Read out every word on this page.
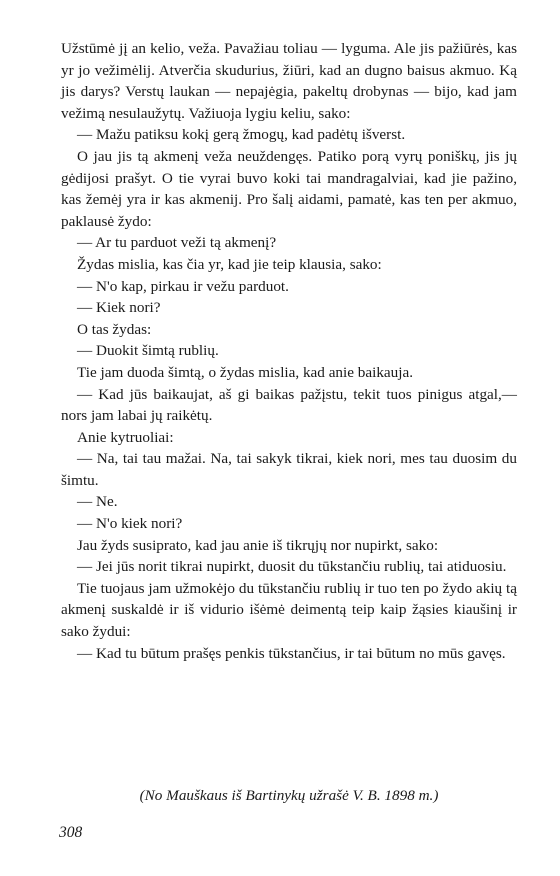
Užstūmė jį an kelio, veža. Pavažiau toliau — lyguma. Ale jis pažiūrės, kas yr jo vežimėlij. Atverčia skudurius, žiūri, kad an dugno baisus akmuo. Ką jis darys? Verstų laukan — nepajėgia, pakeltų drobynas — bijo, kad jam vežimą nesulaužytų. Važiuoja lygiu keliu, sako:

— Mažu patiksu kokį gerą žmogų, kad padėtų išverst.

O jau jis tą akmenį veža neuždengęs. Patiko porą vyrų poniškų, jis jų gėdijosi prašyt. O tie vyrai buvo koki tai mandragalviai, kad jie pažino, kas žemėj yra ir kas akmenij. Pro šalį aidami, pamatė, kas ten per akmuo, paklausė žydo:

— Ar tu parduot veži tą akmenį?

Žydas mislia, kas čia yr, kad jie teip klausia, sako:

— N'o kap, pirkau ir vežu parduot.

— Kiek nori?

O tas žydas:

— Duokit šimtą rublių.

Tie jam duoda šimtą, o žydas mislia, kad anie baikauja.

— Kad jūs baikaujat, aš gi baikas pažįstu, tekit tuos pinigus atgal,— nors jam labai jų raikėtų.

Anie kytruoliai:

— Na, tai tau mažai. Na, tai sakyk tikrai, kiek nori, mes tau duosim du šimtu.

— Ne.

— N'o kiek nori?

Jau žyds susiprato, kad jau anie iš tikrųjų nor nupirkt, sako:

— Jei jūs norit tikrai nupirkt, duosit du tūkstančiu rublių, tai atiduosiu.

Tie tuojaus jam užmokėjo du tūkstančiu rublių ir tuo ten po žydo akių tą akmenį suskaldė ir iš vidurio išėmė deimentą teip kaip žąsies kiaušinį ir sako žydui:

— Kad tu būtum prašęs penkis tūkstančius, ir tai būtum no mūs gavęs.

(No Mauškaus iš Bartinykų užrašė V. B. 1898 m.)
308
